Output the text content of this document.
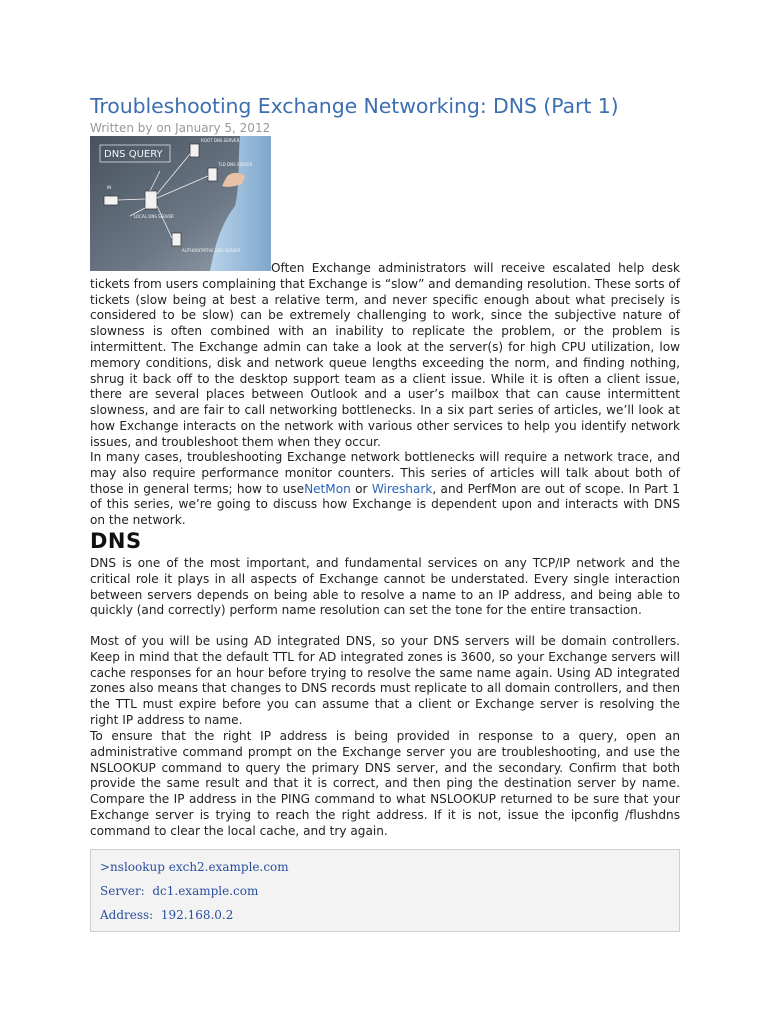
Troubleshooting Exchange Networking: DNS (Part 1)
Written by on January 5, 2012
DNS QUERY
ROOT DNS SERVER
TLD DNS SERVER
LOCAL DNS SERVER
AUTHORITATIVE DNS SERVER
IN

Often Exchange administrators will receive escalated help desk tickets from users complaining that Exchange is “slow” and demanding resolution. These sorts of tickets (slow being at best a relative term, and never specific enough about what precisely is considered to be slow) can be extremely challenging to work, since the subjective nature of slowness is often combined with an inability to replicate the problem, or the problem is intermittent. The Exchange admin can take a look at the server(s) for high CPU utilization, low memory conditions, disk and network queue lengths exceeding the norm, and finding nothing, shrug it back off to the desktop support team as a client issue. While it is often a client issue, there are several places between Outlook and a user’s mailbox that can cause intermittent slowness, and are fair to call networking bottlenecks. In a six part series of articles, we’ll look at how Exchange interacts on the network with various other services to help you identify network issues, and troubleshoot them when they occur.

In many cases, troubleshooting Exchange network bottlenecks will require a network trace, and may also require performance monitor counters. This series of articles will talk about both of those in general terms; how to useNetMon or Wireshark, and PerfMon are out of scope. In Part 1 of this series, we’re going to discuss how Exchange is dependent upon and interacts with DNS on the network.

DNS

DNS is one of the most important, and fundamental services on any TCP/IP network and the critical role it plays in all aspects of Exchange cannot be understated. Every single interaction between servers depends on being able to resolve a name to an IP address, and being able to quickly (and correctly) perform name resolution can set the tone for the entire transaction.

Most of you will be using AD integrated DNS, so your DNS servers will be domain controllers. Keep in mind that the default TTL for AD integrated zones is 3600, so your Exchange servers will cache responses for an hour before trying to resolve the same name again. Using AD integrated zones also means that changes to DNS records must replicate to all domain controllers, and then the TTL must expire before you can assume that a client or Exchange server is resolving the right IP address to name.

To ensure that the right IP address is being provided in response to a query, open an administrative command prompt on the Exchange server you are troubleshooting, and use the NSLOOKUP command to query the primary DNS server, and the secondary. Confirm that both provide the same result and that it is correct, and then ping the destination server by name. Compare the IP address in the PING command to what NSLOOKUP returned to be sure that your Exchange server is trying to reach the right address. If it is not, issue the ipconfig /flushdns command to clear the local cache, and try again.

>nslookup exch2.example.com
Server:  dc1.example.com
Address:  192.168.0.2
